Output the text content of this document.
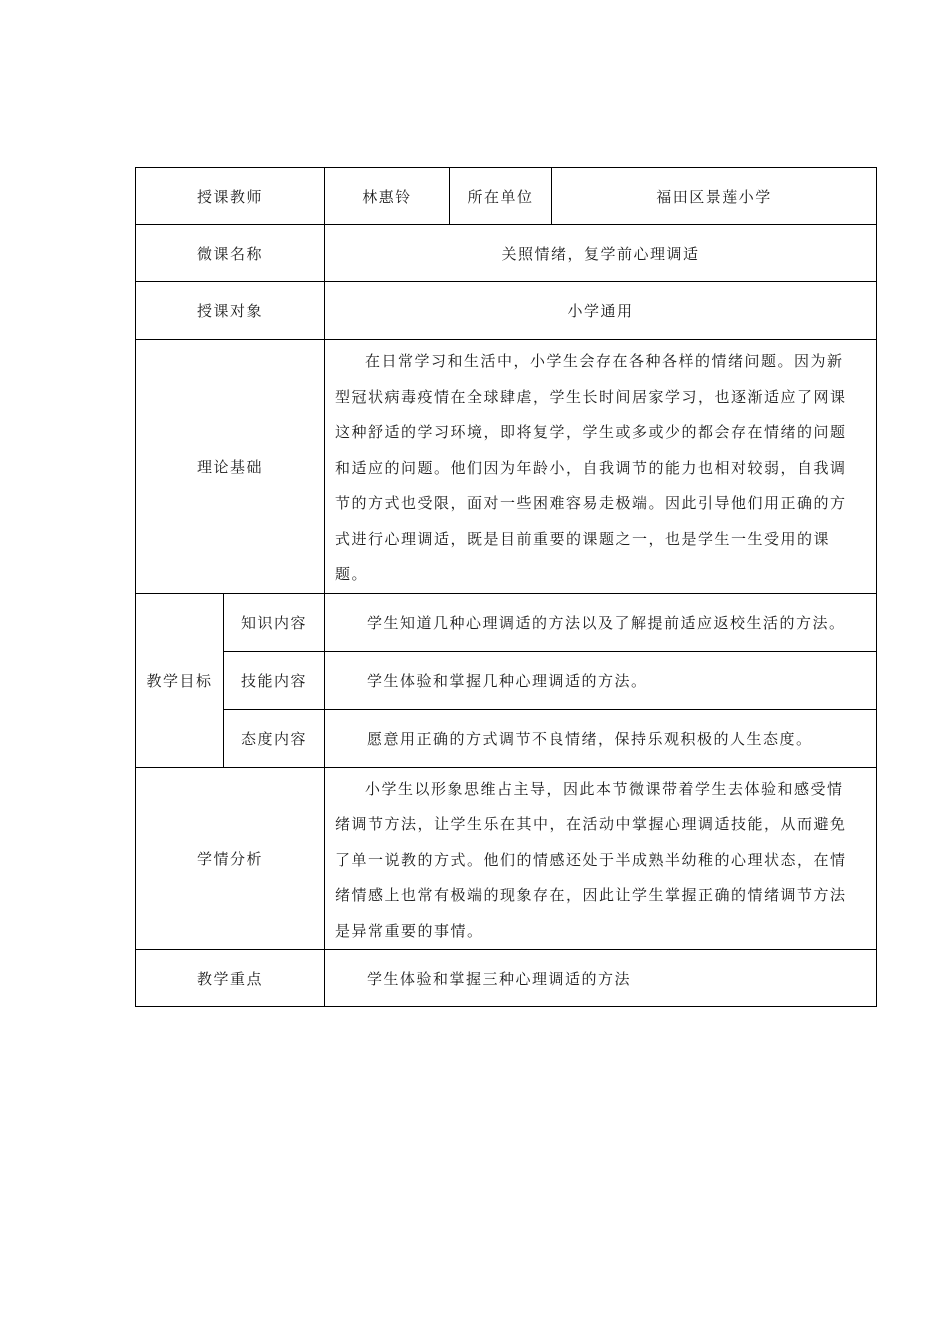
授课教师		林惠铃	所在单位	福田区景莲小学
微课名称		关照情绪，复学前心理调适		
授课对象		小学通用		
理论基础		在日常学习和生活中，小学生会存在各种各样的情绪问题。因为新型冠状病毒疫情在全球肆虐，学生长时间居家学习，也逐渐适应了网课这种舒适的学习环境，即将复学，学生或多或少的都会存在情绪的问题和适应的问题。他们因为年龄小，自我调节的能力也相对较弱，自我调节的方式也受限，面对一些困难容易走极端。因此引导他们用正确的方式进行心理调适，既是目前重要的课题之一，也是学生一生受用的课题。		
教学目标	知识内容	学生知道几种心理调适的方法以及了解提前适应返校生活的方法。		
	技能内容	学生体验和掌握几种心理调适的方法。		
	态度内容	愿意用正确的方式调节不良情绪，保持乐观积极的人生态度。		
学情分析		小学生以形象思维占主导，因此本节微课带着学生去体验和感受情绪调节方法，让学生乐在其中，在活动中掌握心理调适技能，从而避免了单一说教的方式。他们的情感还处于半成熟半幼稚的心理状态，在情绪情感上也常有极端的现象存在，因此让学生掌握正确的情绪调节方法是异常重要的事情。		
教学重点		学生体验和掌握三种心理调适的方法		
